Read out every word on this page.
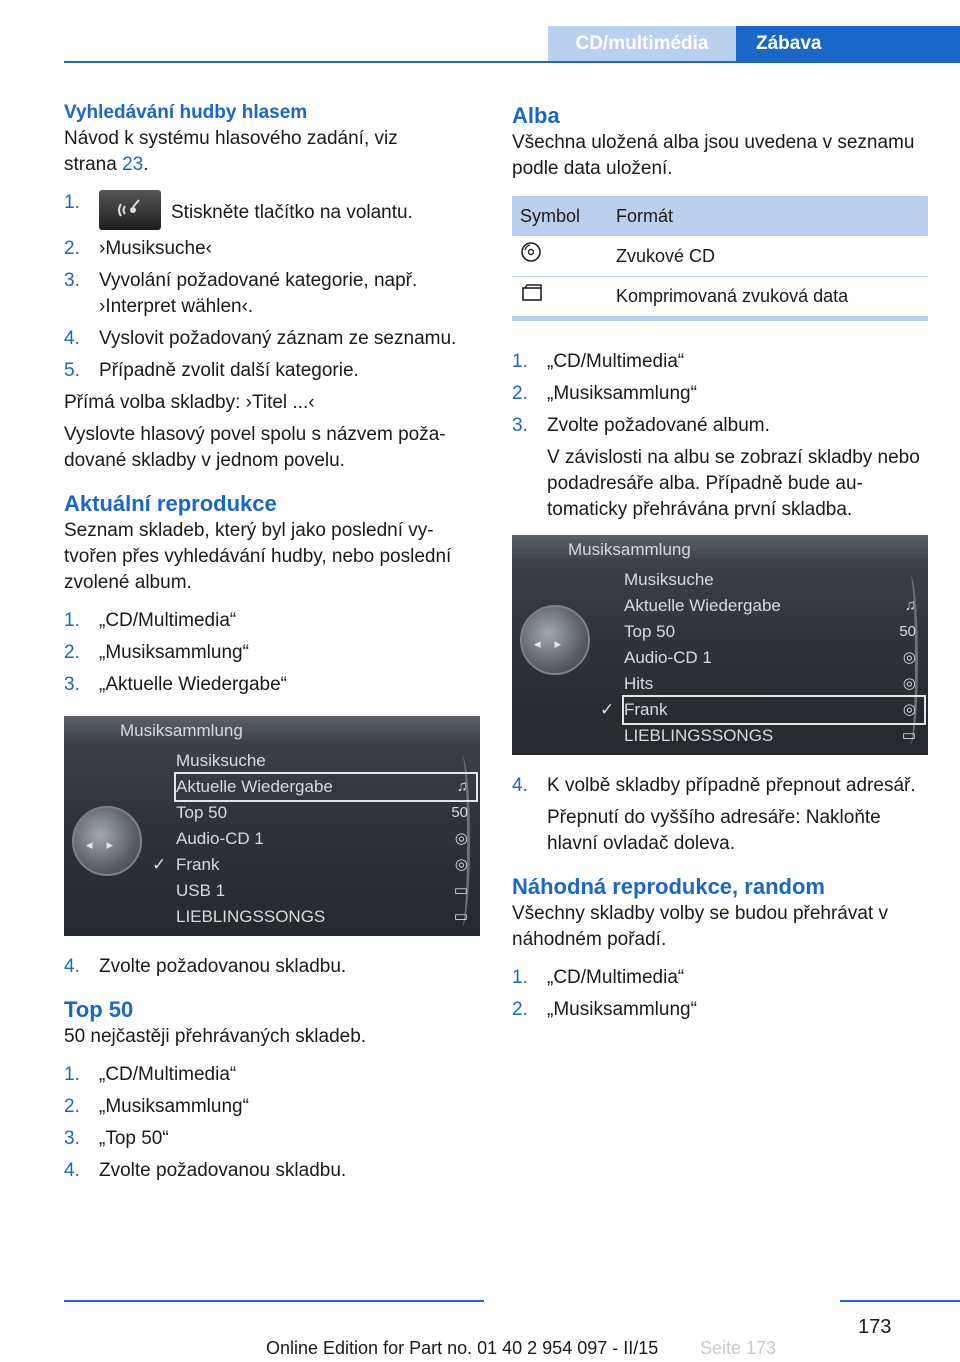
CD/multimédia	Zábava
Vyhledávání hudby hlasem
Návod k systému hlasového zadání, viz
strana 23.
1.	Stiskněte tlačítko na volantu.
2. ›Musiksuche‹
3. Vyvolání požadované kategorie, např. ›Interpret wählen‹.
4. Vyslovit požadovaný záznam ze seznamu.
5. Případně zvolit další kategorie.
Přímá volba skladby: ›Titel ...‹
Vyslovte hlasový povel spolu s názvem požadované skladby v jednom povelu.
Aktuální reprodukce
Seznam skladeb, který byl jako poslední vytvořen přes vyhledávání hudby, nebo poslední zvolené album.
1. „CD/Multimedia“
2. „Musiksammlung“
3. „Aktuelle Wiedergabe“
Musiksammlung
◂▸
Musiksuche
Aktuelle Wiedergabe	♫
Top 50	50
Audio-CD 1	◎
✓ Frank	◎
USB 1	▭
LIEBLINGSSONGS	▭
4. Zvolte požadovanou skladbu.
Top 50
50 nejčastěji přehrávaných skladeb.
1. „CD/Multimedia“
2. „Musiksammlung“
3. „Top 50“
4. Zvolte požadovanou skladbu.
Alba
Všechna uložená alba jsou uvedena v seznamu podle data uložení.
Symbol	Formát
	Zvukové CD
	Komprimovaná zvuková data

1. „CD/Multimedia“
2. „Musiksammlung“
3. Zvolte požadované album.
V závislosti na albu se zobrazí skladby nebo podadresáře alba. Případně bude automaticky přehrávána první skladba.
Musiksammlung
◂▸
Musiksuche
Aktuelle Wiedergabe	♫
Top 50	50
Audio-CD 1	◎
Hits	◎
✓ Frank	◎
LIEBLINGSSONGS	▭
4. K volbě skladby případně přepnout adresář.
Přepnutí do vyššího adresáře: Nakloňte hlavní ovladač doleva.
Náhodná reprodukce, random
Všechny skladby volby se budou přehrávat v náhodném pořadí.
1. „CD/Multimedia“
2. „Musiksammlung“
173
Seite 173
Online Edition for Part no. 01 40 2 954 097 - II/15
